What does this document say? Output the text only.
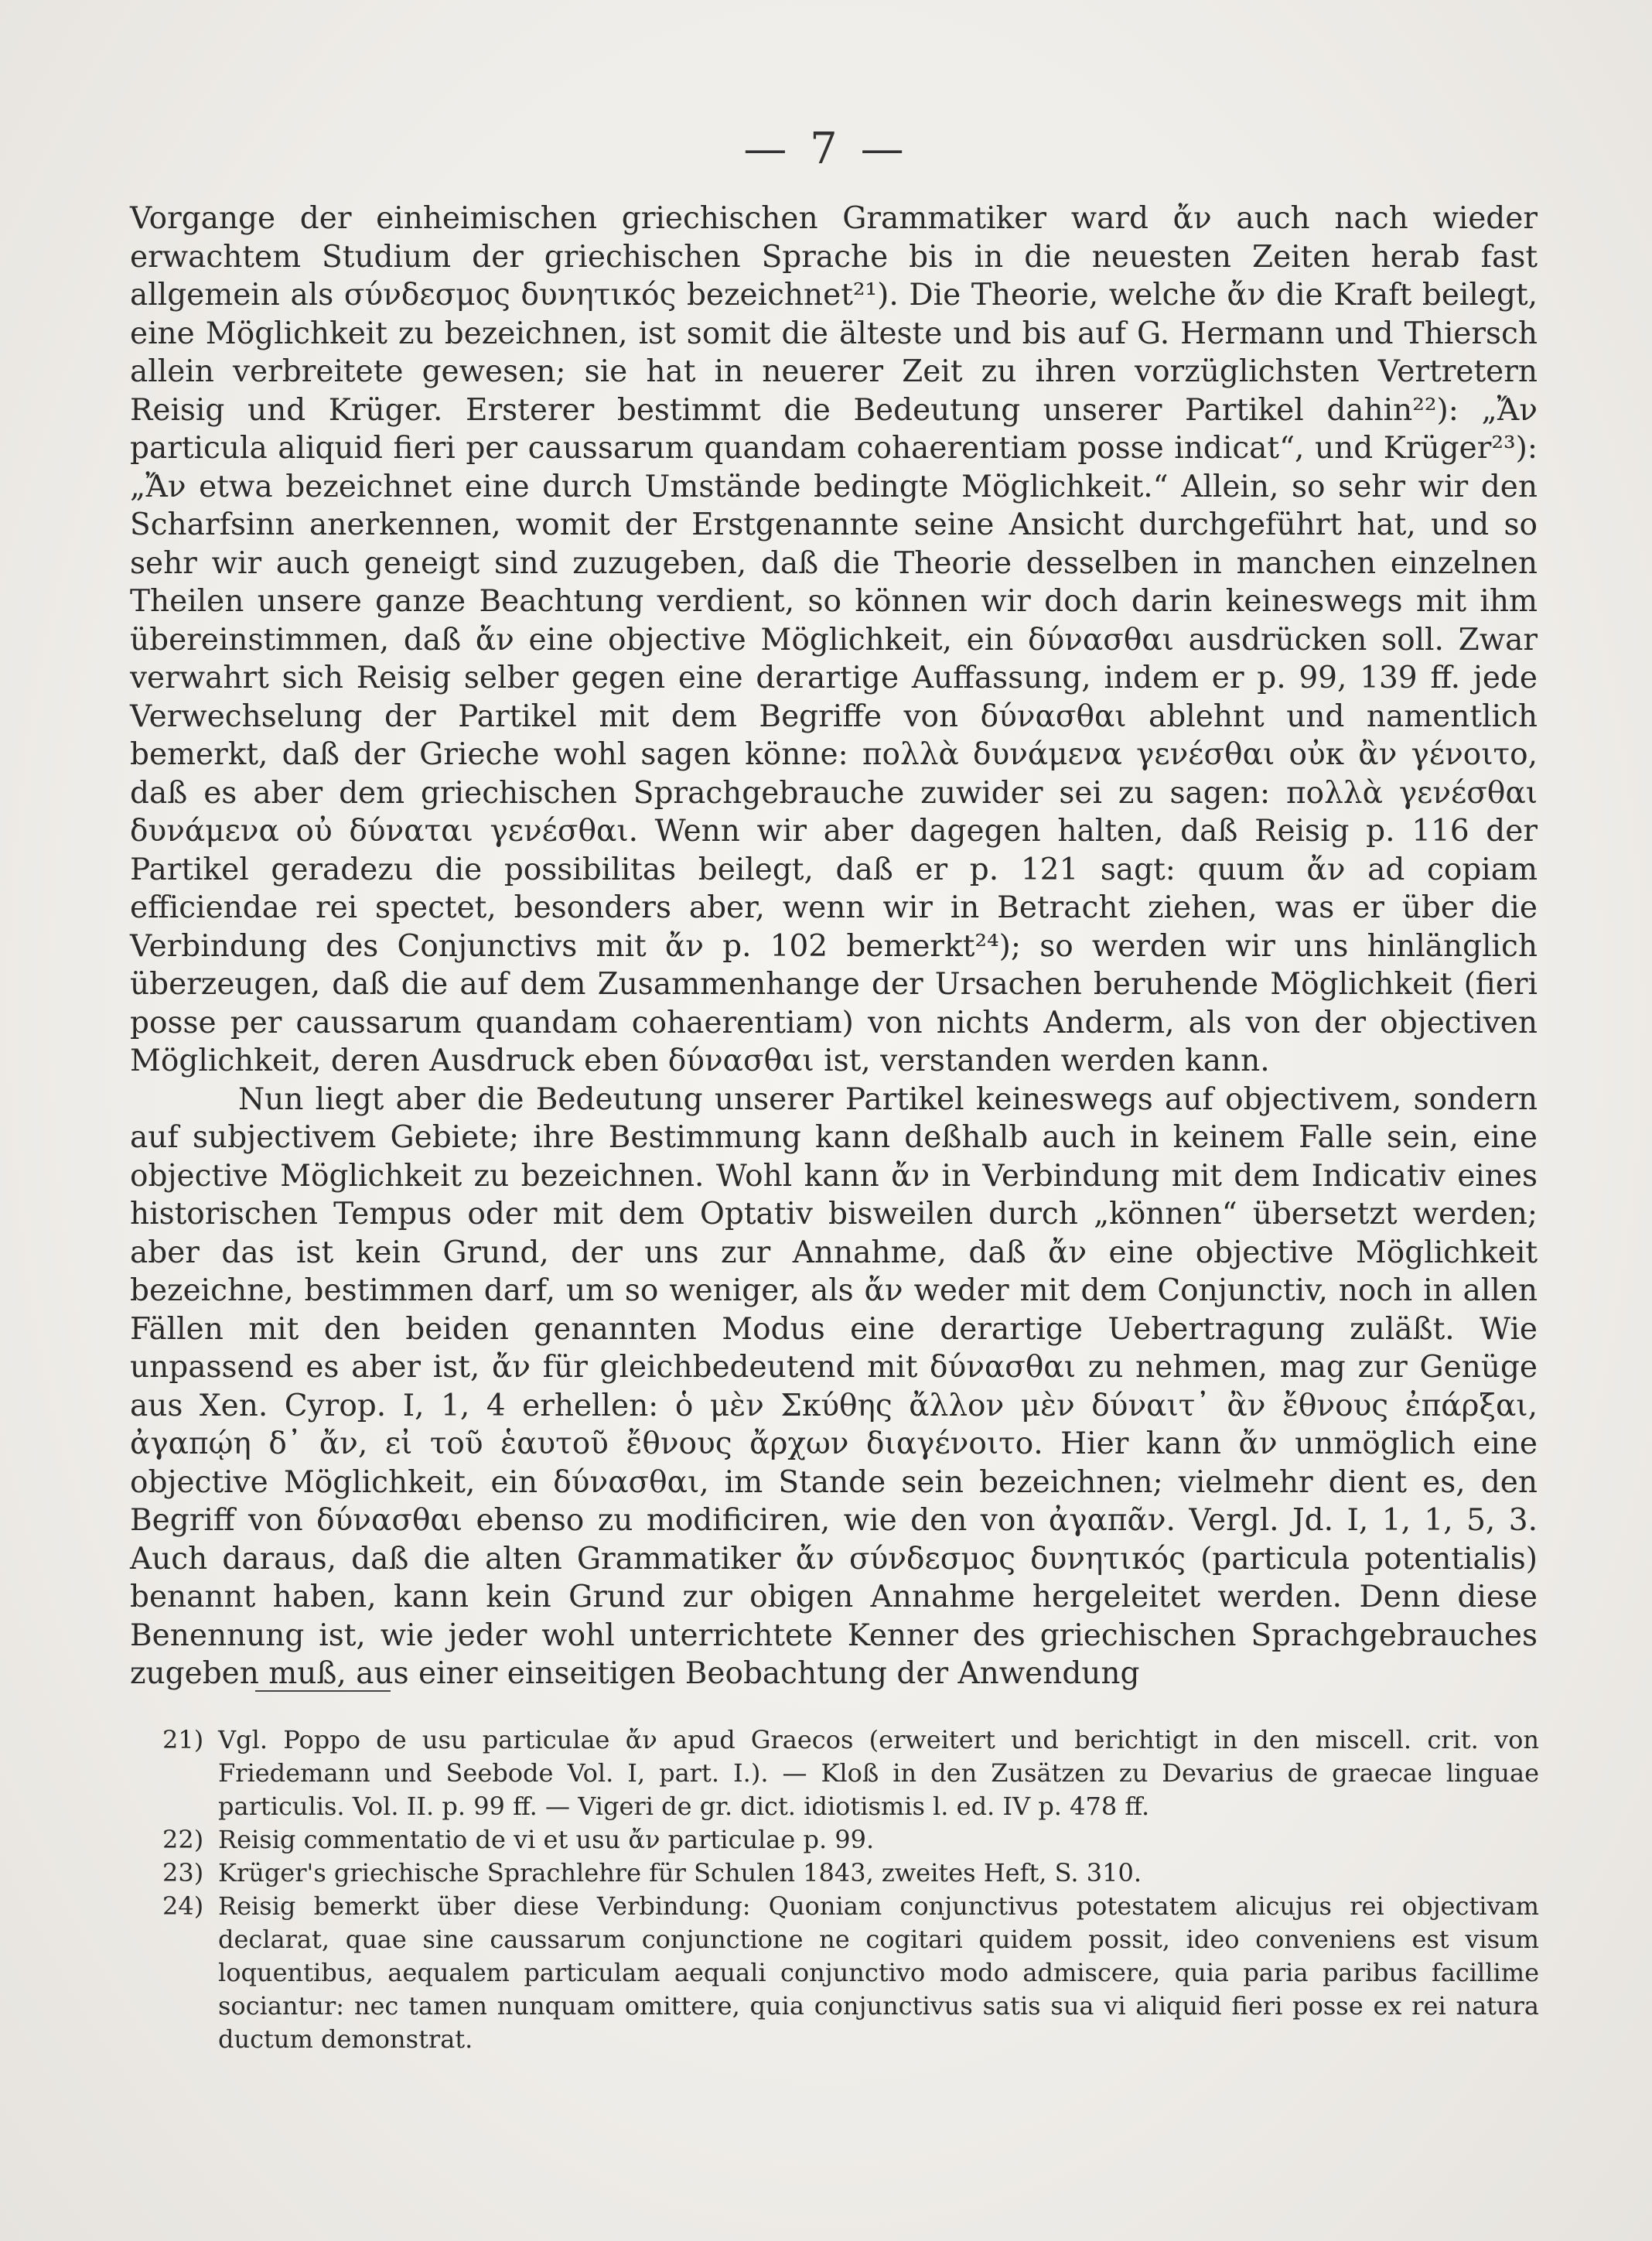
— 7 —

Vorgange der einheimischen griechischen Grammatiker ward ἄν auch nach wieder erwachtem Studium der griechischen Sprache bis in die neuesten Zeiten herab fast allgemein als σύνδεσμος δυνητικός bezeichnet²¹). Die Theorie, welche ἄν die Kraft beilegt, eine Möglichkeit zu bezeichnen, ist somit die älteste und bis auf G. Hermann und Thiersch allein verbreitete gewesen; sie hat in neuerer Zeit zu ihren vorzüglichsten Vertretern Reisig und Krüger. Ersterer bestimmt die Bedeutung unserer Partikel dahin²²): „Ἄν particula aliquid fieri per caussarum quandam cohaerentiam posse indicat“, und Krüger²³): „Ἄν etwa bezeichnet eine durch Umstände bedingte Möglichkeit.“ Allein, so sehr wir den Scharfsinn anerkennen, womit der Erstgenannte seine Ansicht durchgeführt hat, und so sehr wir auch geneigt sind zuzugeben, daß die Theorie desselben in manchen einzelnen Theilen unsere ganze Beachtung verdient, so können wir doch darin keineswegs mit ihm übereinstimmen, daß ἄν eine objective Möglichkeit, ein δύνασθαι ausdrücken soll. Zwar verwahrt sich Reisig selber gegen eine derartige Auffassung, indem er p. 99, 139 ff. jede Verwechselung der Partikel mit dem Begriffe von δύνασθαι ablehnt und namentlich bemerkt, daß der Grieche wohl sagen könne: πολλὰ δυνάμενα γενέσθαι οὐκ ἂν γένοιτο, daß es aber dem griechischen Sprachgebrauche zuwider sei zu sagen: πολλὰ γενέσθαι δυνάμενα οὐ δύναται γενέσθαι. Wenn wir aber dagegen halten, daß Reisig p. 116 der Partikel geradezu die possibilitas beilegt, daß er p. 121 sagt: quum ἄν ad copiam efficiendae rei spectet, besonders aber, wenn wir in Betracht ziehen, was er über die Verbindung des Conjunctivs mit ἄν p. 102 bemerkt²⁴); so werden wir uns hinlänglich überzeugen, daß die auf dem Zusammenhange der Ursachen beruhende Möglichkeit (fieri posse per caussarum quandam cohaerentiam) von nichts Anderm, als von der objectiven Möglichkeit, deren Ausdruck eben δύνασθαι ist, verstanden werden kann.

Nun liegt aber die Bedeutung unserer Partikel keineswegs auf objectivem, sondern auf subjectivem Gebiete; ihre Bestimmung kann deßhalb auch in keinem Falle sein, eine objective Möglichkeit zu bezeichnen. Wohl kann ἄν in Verbindung mit dem Indicativ eines historischen Tempus oder mit dem Optativ bisweilen durch „können“ übersetzt werden; aber das ist kein Grund, der uns zur Annahme, daß ἄν eine objective Möglichkeit bezeichne, bestimmen darf, um so weniger, als ἄν weder mit dem Conjunctiv, noch in allen Fällen mit den beiden genannten Modus eine derartige Uebertragung zuläßt. Wie unpassend es aber ist, ἄν für gleichbedeutend mit δύνασθαι zu nehmen, mag zur Genüge aus Xen. Cyrop. I, 1, 4 erhellen: ὁ μὲν Σκύθης ἄλλον μὲν δύναιτ᾽ ἂν ἔθνους ἐπάρξαι, ἀγαπῴη δ᾽ ἄν, εἰ τοῦ ἑαυτοῦ ἔθνους ἄρχων διαγένοιτο. Hier kann ἄν unmöglich eine objective Möglichkeit, ein δύνασθαι, im Stande sein bezeichnen; vielmehr dient es, den Begriff von δύνασθαι ebenso zu modificiren, wie den von ἀγαπᾶν. Vergl. Jd. I, 1, 1, 5, 3. Auch daraus, daß die alten Grammatiker ἄν σύνδεσμος δυνητικός (particula potentialis) benannt haben, kann kein Grund zur obigen Annahme hergeleitet werden. Denn diese Benennung ist, wie jeder wohl unterrichtete Kenner des griechischen Sprachgebrauches zugeben muß, aus einer einseitigen Beobachtung der Anwendung

21) Vgl. Poppo de usu particulae ἄν apud Graecos (erweitert und berichtigt in den miscell. crit. von Friedemann und Seebode Vol. I, part. I.). — Kloß in den Zusätzen zu Devarius de graecae linguae particulis. Vol. II. p. 99 ff. — Vigeri de gr. dict. idiotismis l. ed. IV p. 478 ff.
22) Reisig commentatio de vi et usu ἄν particulae p. 99.
23) Krüger's griechische Sprachlehre für Schulen 1843, zweites Heft, S. 310.
24) Reisig bemerkt über diese Verbindung: Quoniam conjunctivus potestatem alicujus rei objectivam declarat, quae sine caussarum conjunctione ne cogitari quidem possit, ideo conveniens est visum loquentibus, aequalem particulam aequali conjunctivo modo admiscere, quia paria paribus facillime sociantur: nec tamen nunquam omittere, quia conjunctivus satis sua vi aliquid fieri posse ex rei natura ductum demonstrat.
